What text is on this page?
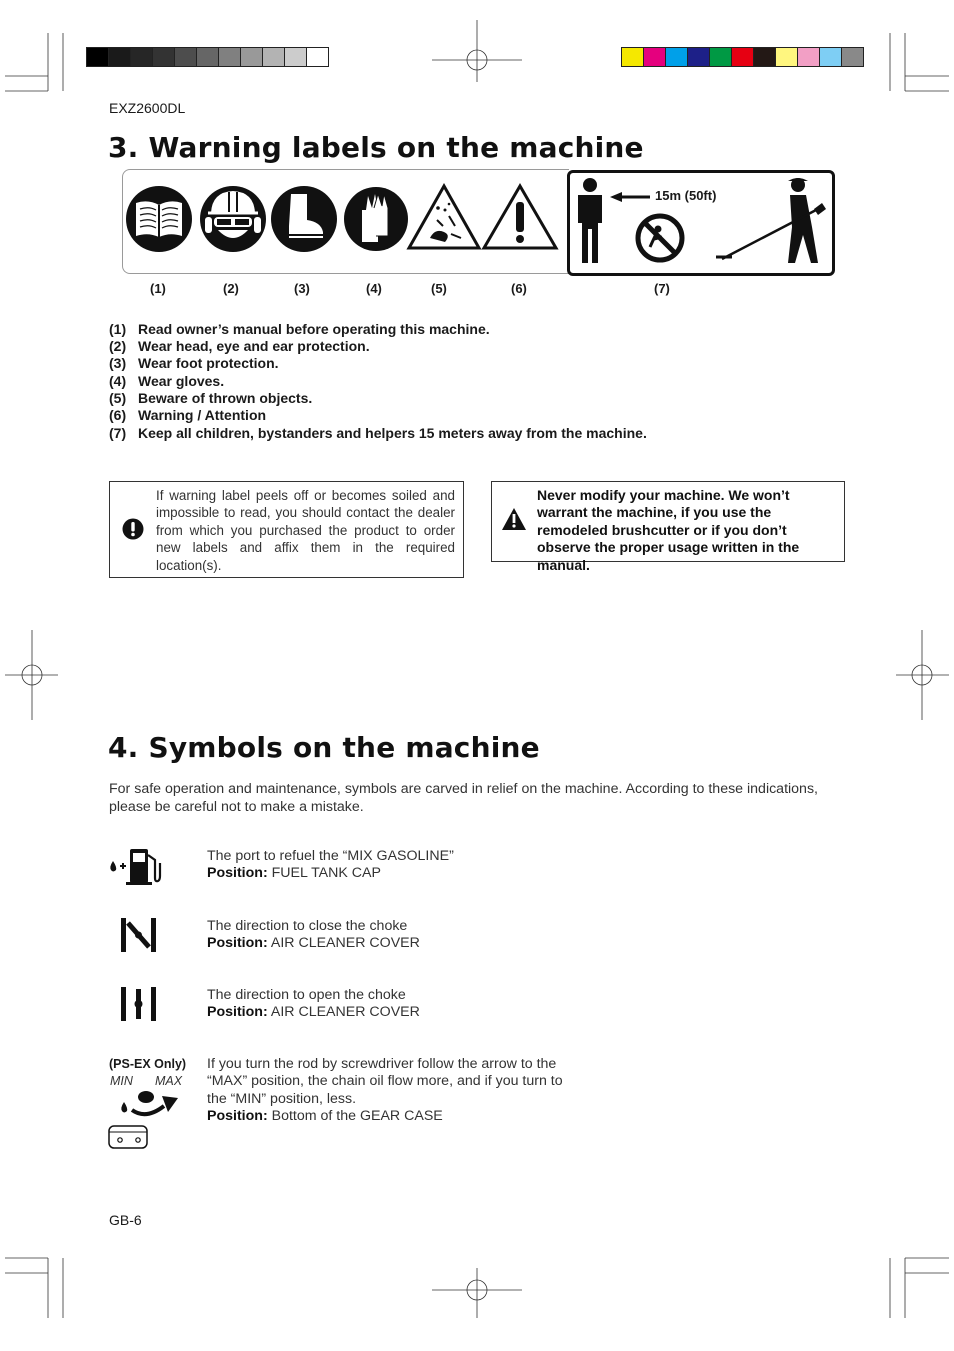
EXZ2600DL
3. Warning labels on the machine
15m (50ft)
(1)	(2)	(3)	(4)	(5)	(6)	(7)
(1) Read owner’s manual before operating this machine.
(2) Wear head, eye and ear protection.
(3) Wear foot protection.
(4) Wear gloves.
(5) Beware of thrown objects.
(6) Warning / Attention
(7) Keep all children, bystanders and helpers 15 meters away from the machine.
If warning label peels off or becomes soiled and impossible to read, you should contact the dealer from which you purchased the product to order new labels and affix them in the required location(s).
Never modify your machine. We won’t warrant the machine, if you use the remodeled brushcutter or if you don’t observe the proper usage written in the manual.
4. Symbols on the machine
For safe operation and maintenance, symbols are carved in relief on the machine. According to these indications, please be careful not to make a mistake.
The port to refuel the “MIX GASOLINE”
Position: FUEL TANK CAP
The direction to close the choke
Position: AIR CLEANER COVER
The direction to open the choke
Position: AIR CLEANER COVER
(PS-EX Only)
MIN MAX
If you turn the rod by screwdriver follow the arrow to the “MAX” position, the chain oil flow more, and if you turn to the “MIN” position, less.
Position: Bottom of the GEAR CASE
GB-6
